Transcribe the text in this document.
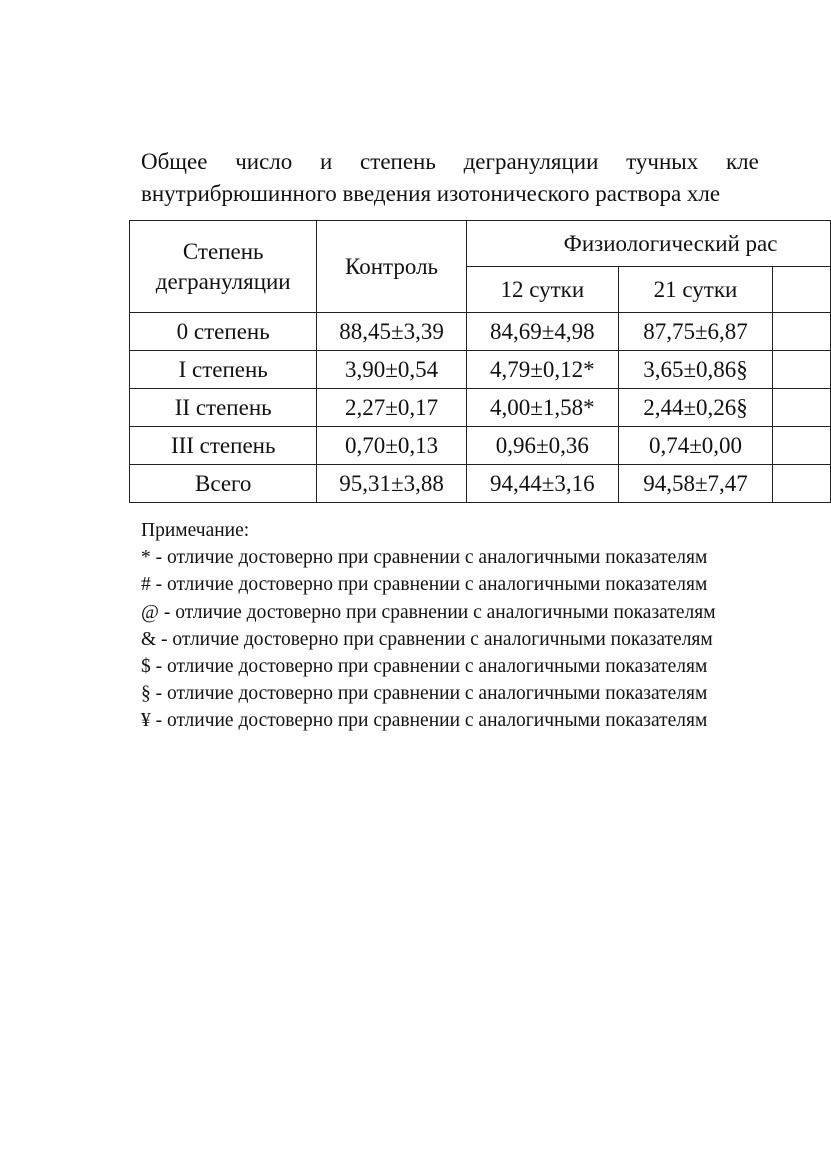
Общее число и степень дегрануляции тучных кле
внутрибрюшинного введения изотонического раствора хле
Степень дегрануляции	Контроль	Физиологический рас		
		12 сутки	21 сутки	
0 степень	88,45±3,39	84,69±4,98	87,75±6,87	
I степень	3,90±0,54	4,79±0,12*	3,65±0,86§	
II степень	2,27±0,17	4,00±1,58*	2,44±0,26§	
III степень	0,70±0,13	0,96±0,36	0,74±0,00	
Всего	95,31±3,88	94,44±3,16	94,58±7,47	
Примечание:
* - отличие достоверно при сравнении с аналогичными показателям
# - отличие достоверно при сравнении с аналогичными показателям
@ - отличие достоверно при сравнении с аналогичными показателям
& - отличие достоверно при сравнении с аналогичными показателям
$ - отличие достоверно при сравнении с аналогичными показателям
§ - отличие достоверно при сравнении с аналогичными показателям
¥ - отличие достоверно при сравнении с аналогичными показателям
